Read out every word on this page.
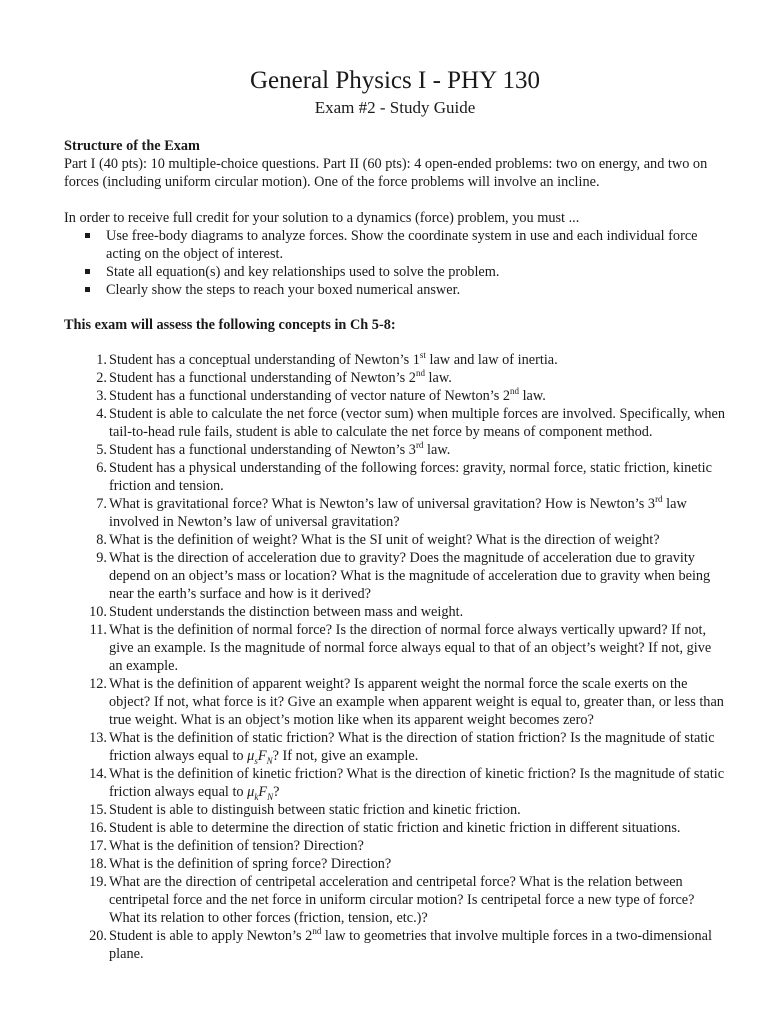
General Physics I - PHY 130
Exam #2 - Study Guide
Structure of the Exam

Part I (40 pts): 10 multiple-choice questions. Part II (60 pts): 4 open-ended problems: two on energy, and two on forces (including uniform circular motion). One of the force problems will involve an incline.

In order to receive full credit for your solution to a dynamics (force) problem, you must ...

Use free-body diagrams to analyze forces. Show the coordinate system in use and each individual force acting on the object of interest.
State all equation(s) and key relationships used to solve the problem.
Clearly show the steps to reach your boxed numerical answer.
This exam will assess the following concepts in Ch 5-8:
1. Student has a conceptual understanding of Newton’s 1st law and law of inertia.
2. Student has a functional understanding of Newton’s 2nd law.
3. Student has a functional understanding of vector nature of Newton’s 2nd law.
4. Student is able to calculate the net force (vector sum) when multiple forces are involved. Specifically, when tail-to-head rule fails, student is able to calculate the net force by means of component method.
5. Student has a functional understanding of Newton’s 3rd law.
6. Student has a physical understanding of the following forces: gravity, normal force, static friction, kinetic friction and tension.
7. What is gravitational force? What is Newton’s law of universal gravitation? How is Newton’s 3rd law involved in Newton’s law of universal gravitation?
8. What is the definition of weight? What is the SI unit of weight? What is the direction of weight?
9. What is the direction of acceleration due to gravity? Does the magnitude of acceleration due to gravity depend on an object’s mass or location? What is the magnitude of acceleration due to gravity when being near the earth’s surface and how is it derived?
10. Student understands the distinction between mass and weight.
11. What is the definition of normal force? Is the direction of normal force always vertically upward? If not, give an example. Is the magnitude of normal force always equal to that of an object’s weight? If not, give an example.
12. What is the definition of apparent weight? Is apparent weight the normal force the scale exerts on the object? If not, what force is it? Give an example when apparent weight is equal to, greater than, or less than true weight. What is an object’s motion like when its apparent weight becomes zero?
13. What is the definition of static friction? What is the direction of station friction? Is the magnitude of static friction always equal to $\mu_sF_N$? If not, give an example.
14. What is the definition of kinetic friction? What is the direction of kinetic friction? Is the magnitude of static friction always equal to $\mu_kF_N$?
15. Student is able to distinguish between static friction and kinetic friction.
16. Student is able to determine the direction of static friction and kinetic friction in different situations.
17. What is the definition of tension? Direction?
18. What is the definition of spring force? Direction?
19. What are the direction of centripetal acceleration and centripetal force? What is the relation between centripetal force and the net force in uniform circular motion? Is centripetal force a new type of force? What its relation to other forces (friction, tension, etc.)?
20. Student is able to apply Newton’s 2nd law to geometries that involve multiple forces in a two-dimensional plane.
